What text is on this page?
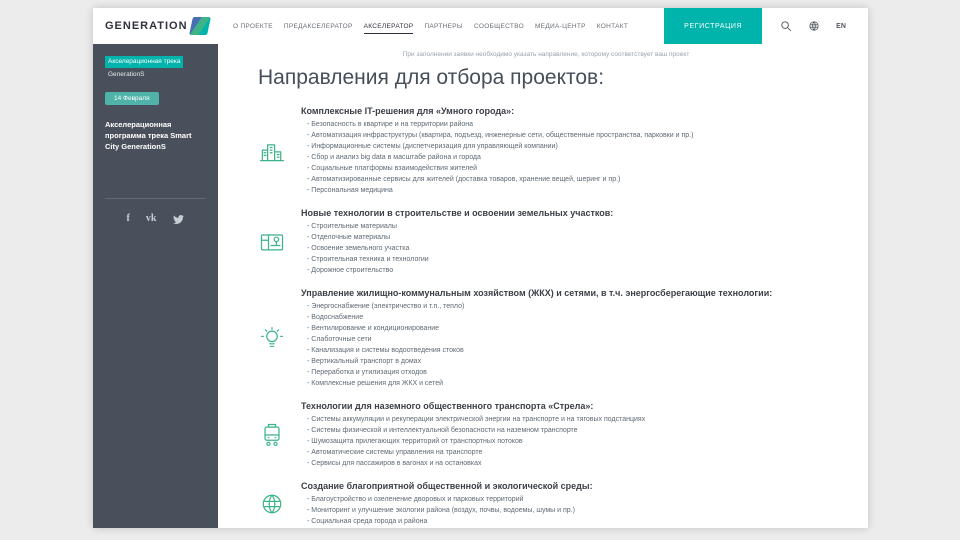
GENERATION	О ПРОЕКТЕ ПРЕДАКСЕЛЕРАТОР АКСЕЛЕРАТОР ПАРТНЕРЫ СООБЩЕСТВО МЕДИА-ЦЕНТР КОНТАКТ	РЕГИСТРАЦИЯ	EN
Акселерационная трека
GenerationS
14 Февраля
Акселерационная программа трека Smart City GenerationS
f vk
При заполнении заявки необходимо указать направление, которому соответствует ваш проект
Направления для отбора проектов:
Комплексные IT-решения для «Умного города»:
- Безопасность в квартире и на территории района
- Автоматизация инфраструктуры (квартира, подъезд, инженерные сети, общественные пространства, парковки и пр.)
- Информационные системы (диспетчеризация для управляющей компании)
- Сбор и анализ big data в масштабе района и города
- Социальные платформы взаимодействия жителей
- Автоматизированные сервисы для жителей (доставка товаров, хранение вещей, шеринг и пр.)
- Персональная медицина
Новые технологии в строительстве и освоении земельных участков:
- Строительные материалы
- Отделочные материалы
- Освоение земельного участка
- Строительная техника и технологии
- Дорожное строительство
Управление жилищно-коммунальным хозяйством (ЖКХ) и сетями, в т.ч. энергосберегающие технологии:
- Энергоснабжение (электричество и т.п., тепло)
- Водоснабжение
- Вентилирование и кондиционирование
- Слаботочные сети
- Канализация и системы водоотведения стоков
- Вертикальный транспорт в домах
- Переработка и утилизация отходов
- Комплексные решения для ЖКХ и сетей
Технологии для наземного общественного транспорта «Стрела»:
- Системы аккумуляции и рекуперации электрической энергии на транспорте и на тяговых подстанциях
- Системы физической и интеллектуальной безопасности на наземном транспорте
- Шумозащита прилегающих территорий от транспортных потоков
- Автоматические системы управления на транспорте
- Сервисы для пассажиров в вагонах и на остановках
Создание благоприятной общественной и экологической среды:
- Благоустройство и озеленение дворовых и парковых территорий
- Мониторинг и улучшение экологии района (воздух, почвы, водоемы, шумы и пр.)
- Социальная среда города и района
